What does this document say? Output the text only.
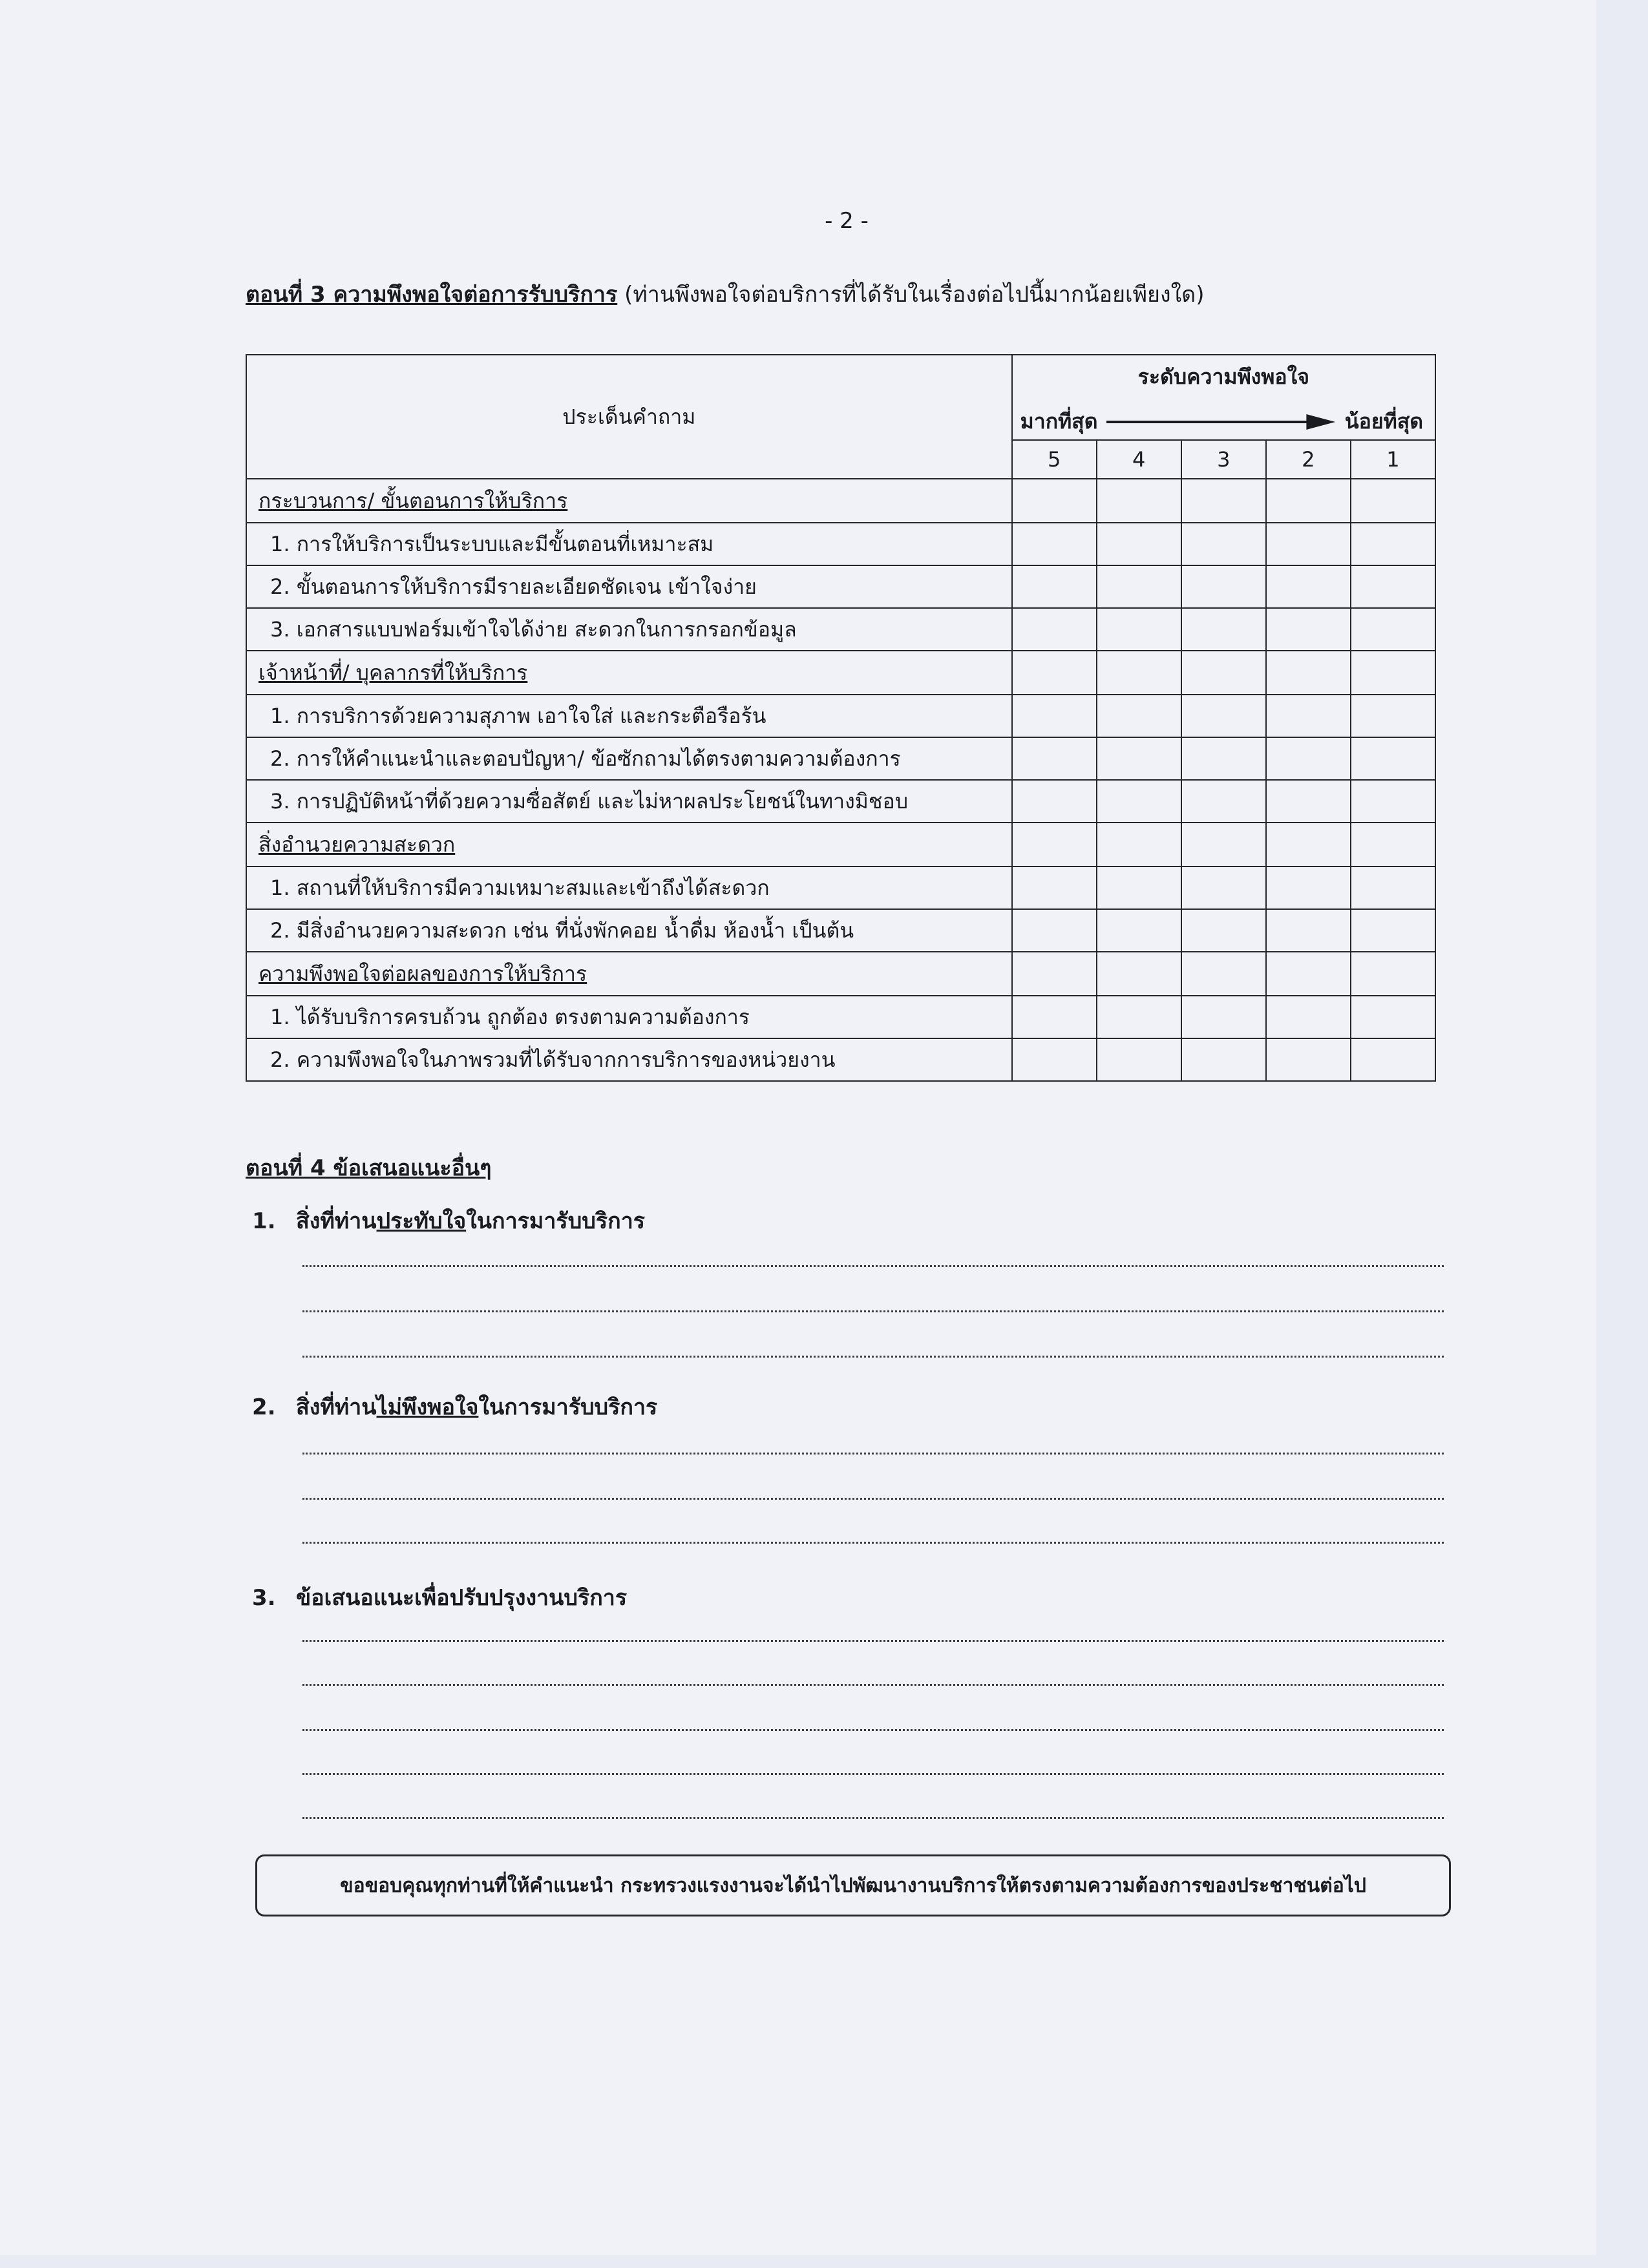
- 2 -
ตอนที่ 3 ความพึงพอใจต่อการรับบริการ (ท่านพึงพอใจต่อบริการที่ได้รับในเรื่องต่อไปนี้มากน้อยเพียงใด)
ประเด็นคำถาม	ระดับความพึงพอใจ
มากที่สุด น้อยที่สุด				

	5	4	3	2	1
กระบวนการ/ ขั้นตอนการให้บริการ					
1. การให้บริการเป็นระบบและมีขั้นตอนที่เหมาะสม					
2. ขั้นตอนการให้บริการมีรายละเอียดชัดเจน เข้าใจง่าย					
3. เอกสารแบบฟอร์มเข้าใจได้ง่าย สะดวกในการกรอกข้อมูล					
เจ้าหน้าที่/ บุคลากรที่ให้บริการ					
1. การบริการด้วยความสุภาพ เอาใจใส่ และกระตือรือร้น					
2. การให้คำแนะนำและตอบปัญหา/ ข้อซักถามได้ตรงตามความต้องการ					
3. การปฏิบัติหน้าที่ด้วยความซื่อสัตย์ และไม่หาผลประโยชน์ในทางมิชอบ					
สิ่งอำนวยความสะดวก					
1. สถานที่ให้บริการมีความเหมาะสมและเข้าถึงได้สะดวก					
2. มีสิ่งอำนวยความสะดวก เช่น ที่นั่งพักคอย น้ำดื่ม ห้องน้ำ เป็นต้น					
ความพึงพอใจต่อผลของการให้บริการ					
1. ได้รับบริการครบถ้วน ถูกต้อง ตรงตามความต้องการ					
2. ความพึงพอใจในภาพรวมที่ได้รับจากการบริการของหน่วยงาน					
ตอนที่ 4 ข้อเสนอแนะอื่นๆ
1. สิ่งที่ท่านประทับใจในการมารับบริการ
2. สิ่งที่ท่านไม่พึงพอใจในการมารับบริการ
3. ข้อเสนอแนะเพื่อปรับปรุงงานบริการ
ขอขอบคุณทุกท่านที่ให้คำแนะนำ กระทรวงแรงงานจะได้นำไปพัฒนางานบริการให้ตรงตามความต้องการของประชาชนต่อไป
